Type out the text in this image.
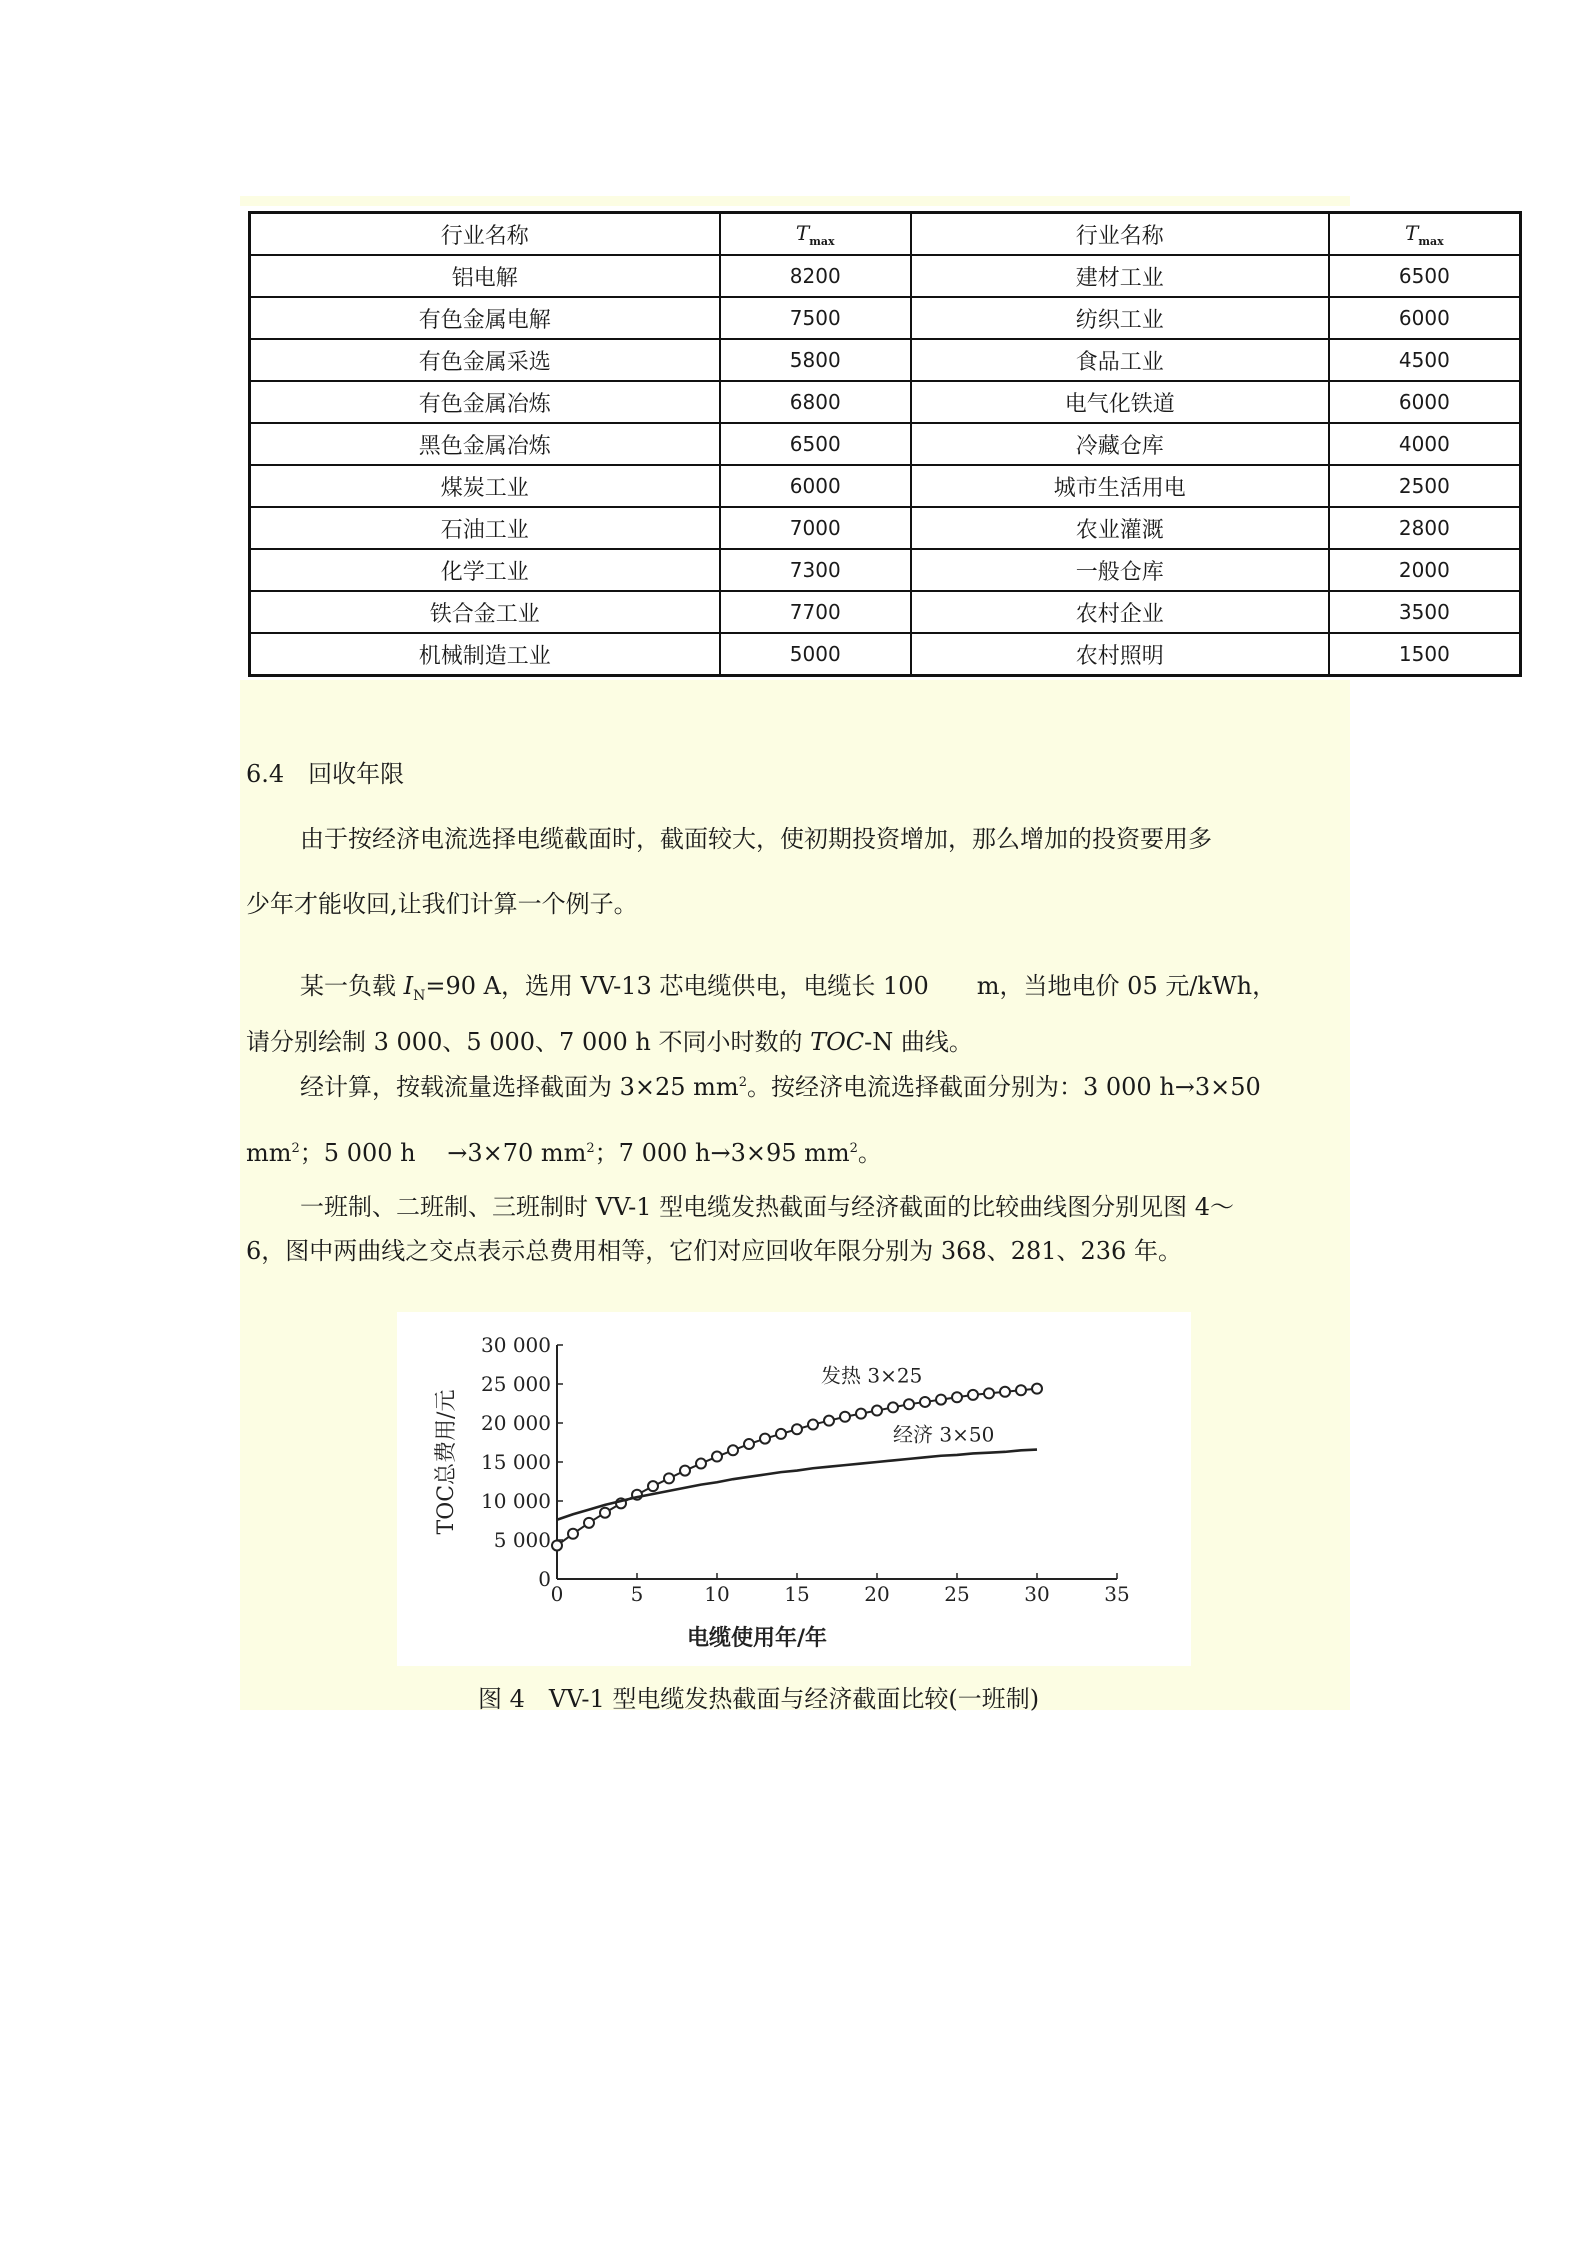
行业名称	$T_{max}$	行业名称	$T_{max}$
铝电解	8200	建材工业	6500
有色金属电解	7500	纺织工业	6000
有色金属采选	5800	食品工业	4500
有色金属冶炼	6800	电气化铁道	6000
黑色金属冶炼	6500	冷藏仓库	4000
煤炭工业	6000	城市生活用电	2500
石油工业	7000	农业灌溉	2800
化学工业	7300	一般仓库	2000
铁合金工业	7700	农村企业	3500
机械制造工业	5000	农村照明	1500
6.4　回收年限
由于按经济电流选择电缆截面时，截面较大，使初期投资增加，那么增加的投资要用多
少年才能收回,让我们计算一个例子。
某一负载 $I_N=90$ A，选用 VV-13 芯电缆供电，电缆长 100　　m，当地电价 05 元/kWh，
请分别绘制 3 000、5 000、7 000 h 不同小时数的 TOC-N 曲线。
经计算，按载流量选择截面为 3×25 $mm^2$。按经济电流选择截面分别为：3 000 h→3×50
$mm^2$；5 000 h　 →3×70 $mm^2$；7 000 h→3×95 $mm^2$。
一班制、二班制、三班制时 VV-1 型电缆发热截面与经济截面的比较曲线图分别见图 4～
6，图中两曲线之交点表示总费用相等，它们对应回收年限分别为 368、281、236 年。
0	5	10	15	20	25	30	35
0
5 000
10 000
15 000
20 000
25 000
30 000
发热 3×25
经济 3×50
电缆使用年/年
TOC总费用/元
图 4　VV-1 型电缆发热截面与经济截面比较(一班制)
